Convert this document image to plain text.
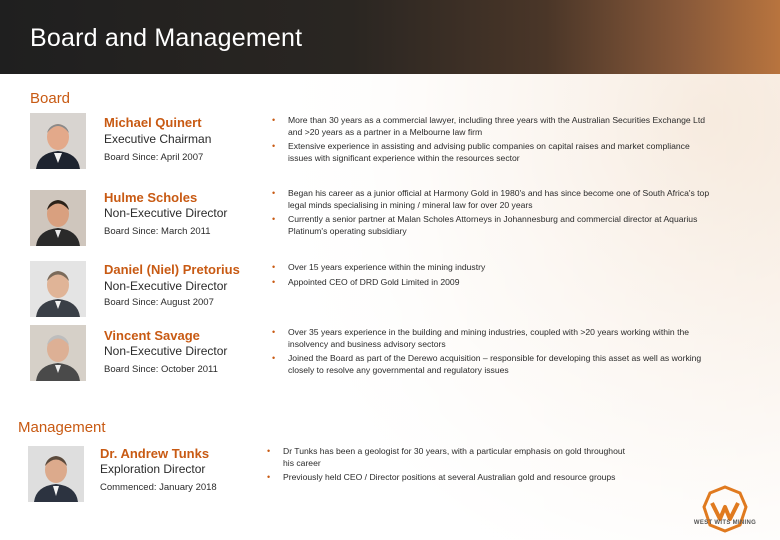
Board and Management
Board
Michael Quinert
Executive Chairman
Board Since: April 2007
• More than 30 years as a commercial lawyer, including three years with the Australian Securities Exchange Ltd and >20 years as a partner in a Melbourne law firm
• Extensive experience in assisting and advising public companies on capital raises and market compliance issues with significant experience within the resources sector
Hulme Scholes
Non-Executive Director
Board Since: March 2011
• Began his career as a junior official at Harmony Gold in 1980's and has since become one of South Africa's top legal minds specialising in mining / mineral law for over 20 years
• Currently a senior partner at Malan Scholes Attorneys in Johannesburg and commercial director at Aquarius Platinum's operating subsidiary
Daniel (Niel) Pretorius
Non-Executive Director
Board Since: August 2007
• Over 15 years experience within the mining industry
• Appointed CEO of DRD Gold Limited in 2009
Vincent Savage
Non-Executive Director
Board Since: October 2011
• Over 35 years experience in the building and mining industries, coupled with >20 years working within the insolvency and business advisory sectors
• Joined the Board as part of the Derewo acquisition – responsible for developing this asset as well as working closely to resolve any governmental and regulatory issues
Management
Dr. Andrew Tunks
Exploration Director
Commenced: January 2018
• Dr Tunks has been a geologist for 30 years, with a particular emphasis on gold throughout his career
• Previously held CEO / Director positions at several Australian gold and resource groups
WEST WITS MINING
